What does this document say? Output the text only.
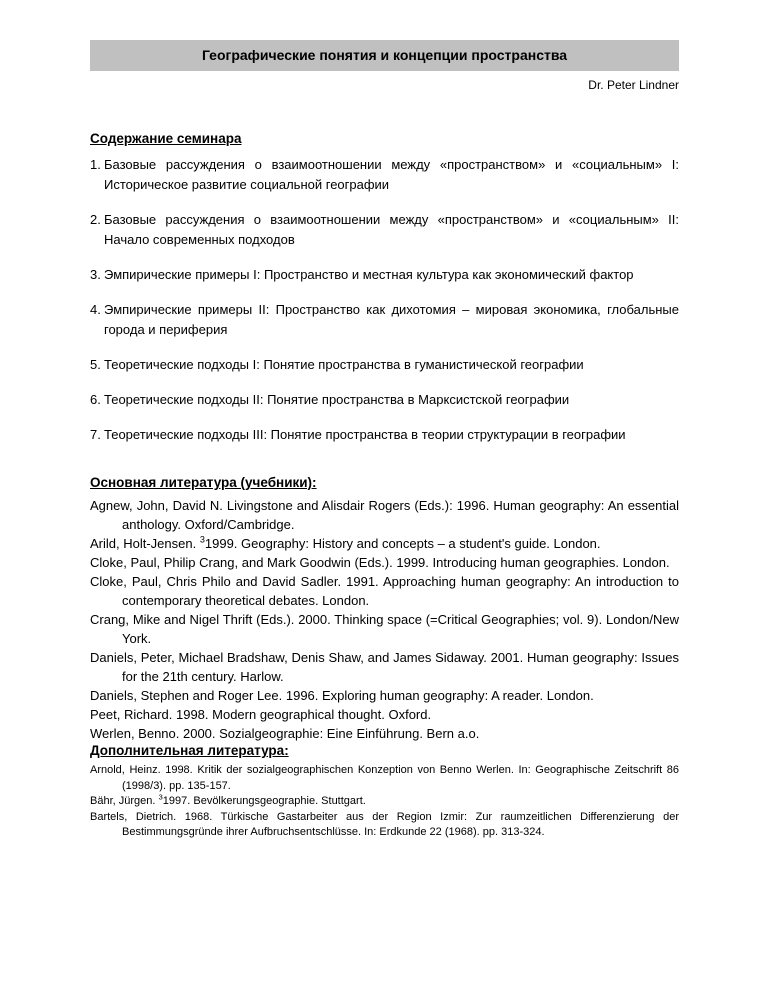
Географические понятия и концепции пространства
Dr. Peter Lindner
Содержание семинара
1. Базовые рассуждения о взаимоотношении между «пространством» и «социальным» I: Историческое развитие социальной географии
2. Базовые рассуждения о взаимоотношении между «пространством» и «социальным» II: Начало современных подходов
3. Эмпирические примеры I: Пространство и местная культура как экономический фактор
4. Эмпирические примеры II: Пространство как дихотомия – мировая экономика, глобальные города и периферия
5. Теоретические подходы I: Понятие пространства в гуманистической географии
6. Теоретические подходы II: Понятие пространства в Марксистской географии
7. Теоретические подходы III: Понятие пространства в теории структурации в географии
Основная литература (учебники):

Agnew, John, David N. Livingstone and Alisdair Rogers (Eds.): 1996. Human geography: An essential anthology. Oxford/Cambridge.

Arild, Holt-Jensen. $^3$1999. Geography: History and concepts – a student's guide. London.

Cloke, Paul, Philip Crang, and Mark Goodwin (Eds.). 1999. Introducing human geographies. London.

Cloke, Paul, Chris Philo and David Sadler. 1991. Approaching human geography: An introduction to contemporary theoretical debates. London.

Crang, Mike and Nigel Thrift (Eds.). 2000. Thinking space (=Critical Geographies; vol. 9). London/New York.

Daniels, Peter, Michael Bradshaw, Denis Shaw, and James Sidaway. 2001. Human geography: Issues for the 21th century. Harlow.

Daniels, Stephen and Roger Lee. 1996. Exploring human geography: A reader. London.

Peet, Richard. 1998. Modern geographical thought. Oxford.

Werlen, Benno. 2000. Sozialgeographie: Eine Einführung. Bern a.o.

Дополнительная литература:

Arnold, Heinz. 1998. Kritik der sozialgeographischen Konzeption von Benno Werlen. In: Geographische Zeitschrift 86 (1998/3). pp. 135-157.

Bähr, Jürgen. $^3$1997. Bevölkerungsgeographie. Stuttgart.

Bartels, Dietrich. 1968. Türkische Gastarbeiter aus der Region Izmir: Zur raumzeitlichen Differenzierung der Bestimmungsgründe ihrer Aufbruchsentschlüsse. In: Erdkunde 22 (1968). pp. 313-324.
